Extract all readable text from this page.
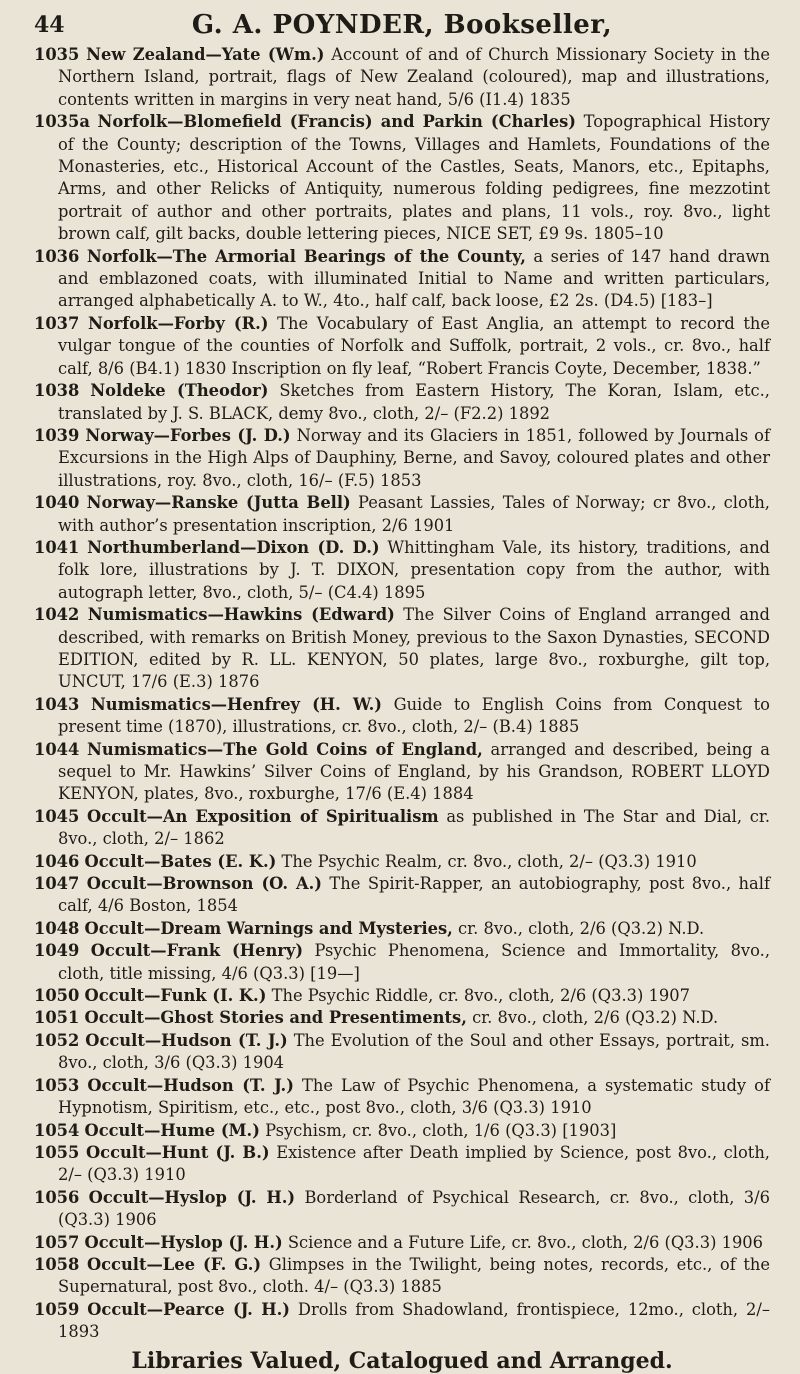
44	G. A. POYNDER, Bookseller,

1035 New Zealand—Yate (Wm.) Account of and of Church Missionary Society in the Northern Island, portrait, flags of New Zealand (coloured), map and illustrations, contents written in margins in very neat hand, 5/6 (I1.4) 1835

1035a Norfolk—Blomefield (Francis) and Parkin (Charles) Topographical History of the County; description of the Towns, Villages and Hamlets, Foundations of the Monasteries, etc., Historical Account of the Castles, Seats, Manors, etc., Epitaphs, Arms, and other Relicks of Antiquity, numerous folding pedigrees, fine mezzotint portrait of author and other portraits, plates and plans, 11 vols., roy. 8vo., light brown calf, gilt backs, double lettering pieces, NICE SET, £9 9s. 1805–10

1036 Norfolk—The Armorial Bearings of the County, a series of 147 hand drawn and emblazoned coats, with illuminated Initial to Name and written particulars, arranged alphabetically A. to W., 4to., half calf, back loose, £2 2s. (D4.5) [183–]

1037 Norfolk—Forby (R.) The Vocabulary of East Anglia, an attempt to record the vulgar tongue of the counties of Norfolk and Suffolk, portrait, 2 vols., cr. 8vo., half calf, 8/6 (B4.1) 1830 Inscription on fly leaf, “Robert Francis Coyte, December, 1838.”

1038 Noldeke (Theodor) Sketches from Eastern History, The Koran, Islam, etc., translated by J. S. BLACK, demy 8vo., cloth, 2/– (F2.2) 1892

1039 Norway—Forbes (J. D.) Norway and its Glaciers in 1851, followed by Journals of Excursions in the High Alps of Dauphiny, Berne, and Savoy, coloured plates and other illustrations, roy. 8vo., cloth, 16/– (F.5) 1853

1040 Norway—Ranske (Jutta Bell) Peasant Lassies, Tales of Norway; cr 8vo., cloth, with author’s presentation inscription, 2/6 1901

1041 Northumberland—Dixon (D. D.) Whittingham Vale, its history, traditions, and folk lore, illustrations by J. T. DIXON, presentation copy from the author, with autograph letter, 8vo., cloth, 5/– (C4.4) 1895

1042 Numismatics—Hawkins (Edward) The Silver Coins of England arranged and described, with remarks on British Money, previous to the Saxon Dynasties, SECOND EDITION, edited by R. LL. KENYON, 50 plates, large 8vo., roxburghe, gilt top, UNCUT, 17/6 (E.3) 1876

1043 Numismatics—Henfrey (H. W.) Guide to English Coins from Conquest to present time (1870), illustrations, cr. 8vo., cloth, 2/– (B.4) 1885

1044 Numismatics—The Gold Coins of England, arranged and described, being a sequel to Mr. Hawkins’ Silver Coins of England, by his Grandson, ROBERT LLOYD KENYON, plates, 8vo., roxburghe, 17/6 (E.4) 1884

1045 Occult—An Exposition of Spiritualism as published in The Star and Dial, cr. 8vo., cloth, 2/– 1862

1046 Occult—Bates (E. K.) The Psychic Realm, cr. 8vo., cloth, 2/– (Q3.3) 1910

1047 Occult—Brownson (O. A.) The Spirit-Rapper, an autobiography, post 8vo., half calf, 4/6 Boston, 1854

1048 Occult—Dream Warnings and Mysteries, cr. 8vo., cloth, 2/6 (Q3.2) N.D.

1049 Occult—Frank (Henry) Psychic Phenomena, Science and Immortality, 8vo., cloth, title missing, 4/6 (Q3.3) [19—]

1050 Occult—Funk (I. K.) The Psychic Riddle, cr. 8vo., cloth, 2/6 (Q3.3) 1907

1051 Occult—Ghost Stories and Presentiments, cr. 8vo., cloth, 2/6 (Q3.2) N.D.

1052 Occult—Hudson (T. J.) The Evolution of the Soul and other Essays, portrait, sm. 8vo., cloth, 3/6 (Q3.3) 1904

1053 Occult—Hudson (T. J.) The Law of Psychic Phenomena, a systematic study of Hypnotism, Spiritism, etc., etc., post 8vo., cloth, 3/6 (Q3.3) 1910

1054 Occult—Hume (M.) Psychism, cr. 8vo., cloth, 1/6 (Q3.3) [1903]

1055 Occult—Hunt (J. B.) Existence after Death implied by Science, post 8vo., cloth, 2/– (Q3.3) 1910

1056 Occult—Hyslop (J. H.) Borderland of Psychical Research, cr. 8vo., cloth, 3/6 (Q3.3) 1906

1057 Occult—Hyslop (J. H.) Science and a Future Life, cr. 8vo., cloth, 2/6 (Q3.3) 1906

1058 Occult—Lee (F. G.) Glimpses in the Twilight, being notes, records, etc., of the Supernatural, post 8vo., cloth. 4/– (Q3.3) 1885

1059 Occult—Pearce (J. H.) Drolls from Shadowland, frontispiece, 12mo., cloth, 2/– 1893

Libraries Valued, Catalogued and Arranged.
